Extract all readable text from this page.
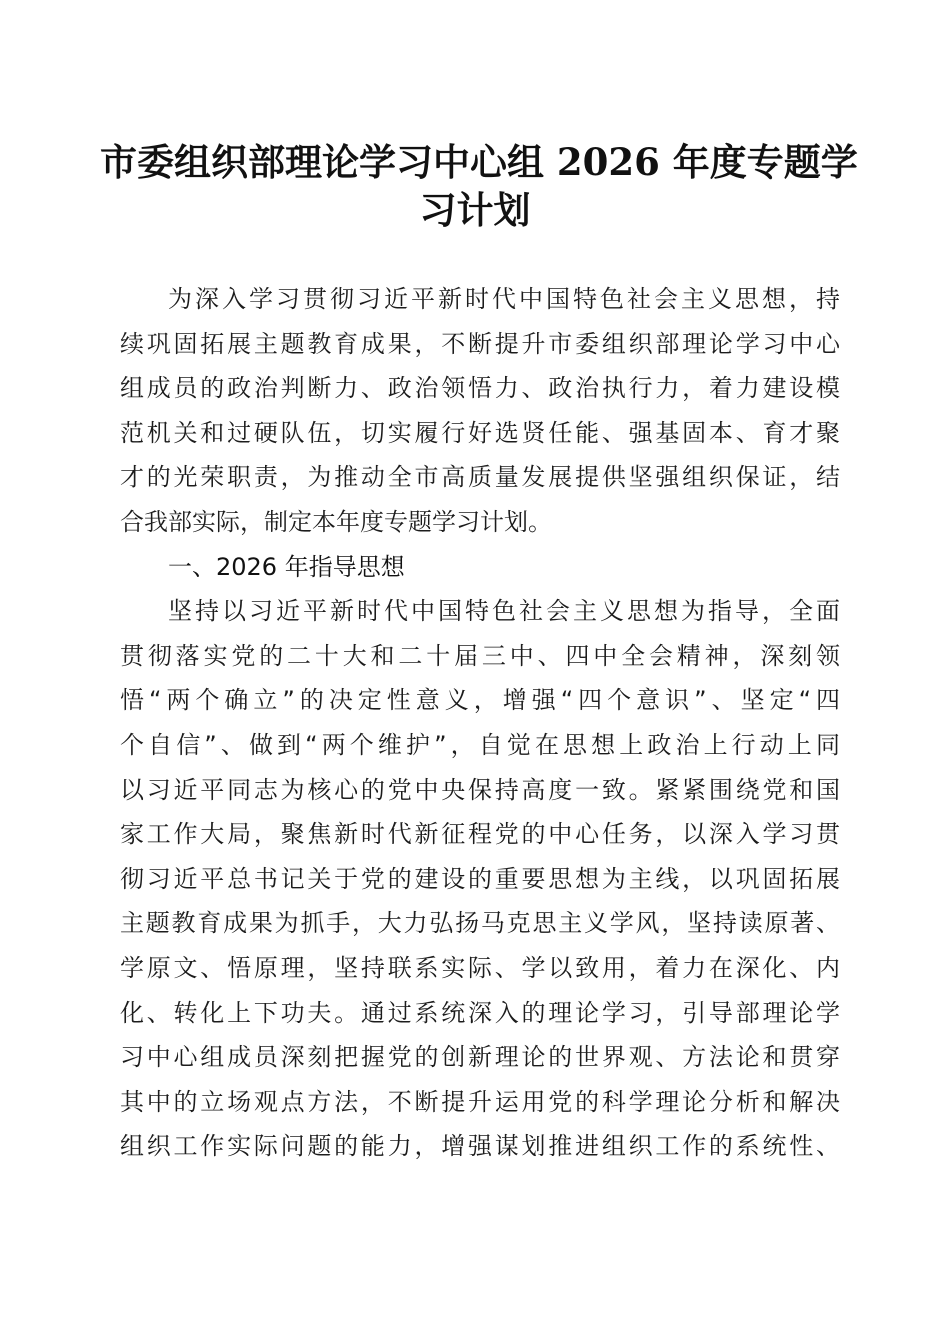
市委组织部理论学习中心组 2026 年度专题学
习计划
为深入学习贯彻习近平新时代中国特色社会主义思想，持
续巩固拓展主题教育成果，不断提升市委组织部理论学习中心
组成员的政治判断力、政治领悟力、政治执行力，着力建设模
范机关和过硬队伍，切实履行好选贤任能、强基固本、育才聚
才的光荣职责，为推动全市高质量发展提供坚强组织保证，结
合我部实际，制定本年度专题学习计划。
一、2026 年指导思想
坚持以习近平新时代中国特色社会主义思想为指导，全面
贯彻落实党的二十大和二十届三中、四中全会精神，深刻领
悟“两个确立”的决定性意义，增强“四个意识”、坚定“四
个自信”、做到“两个维护”，自觉在思想上政治上行动上同
以习近平同志为核心的党中央保持高度一致。紧紧围绕党和国
家工作大局，聚焦新时代新征程党的中心任务，以深入学习贯
彻习近平总书记关于党的建设的重要思想为主线，以巩固拓展
主题教育成果为抓手，大力弘扬马克思主义学风，坚持读原著、
学原文、悟原理，坚持联系实际、学以致用，着力在深化、内
化、转化上下功夫。通过系统深入的理论学习，引导部理论学
习中心组成员深刻把握党的创新理论的世界观、方法论和贯穿
其中的立场观点方法，不断提升运用党的科学理论分析和解决
组织工作实际问题的能力，增强谋划推进组织工作的系统性、
